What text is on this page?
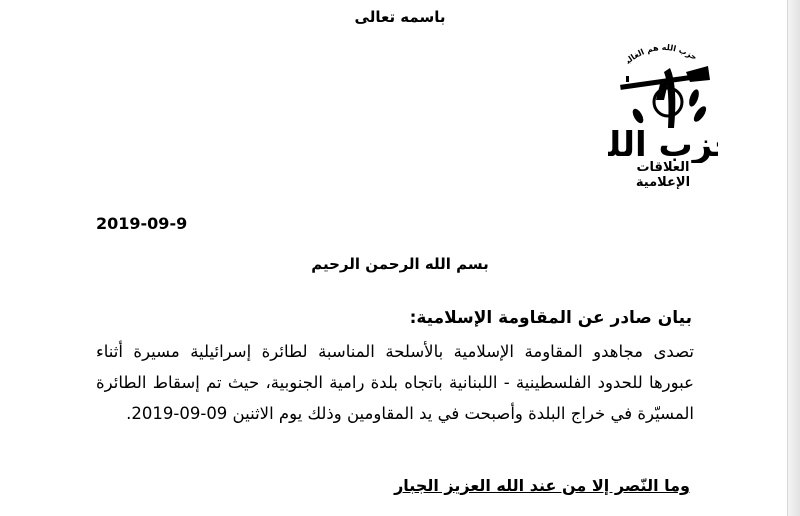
باسمه تعالى
حزب الله هم الغالب
زب الل
العلاقات الإعلامية
2019-09-9
بسم الله الرحمن الرحيم
بيان صادر عن المقاومة الإسلامية:

تصدى مجاهدو المقاومة الإسلامية بالأسلحة المناسبة لطائرة إسرائيلية مسيرة أثناء عبورها للحدود الفلسطينية - اللبنانية باتجاه بلدة رامية الجنوبية، حيث تم إسقاط الطائرة المسيّرة في خراج البلدة وأصبحت في يد المقاومين وذلك يوم الاثنين 09-09-2019.

وما النّصر إلا من عند الله العزيز الجبار
